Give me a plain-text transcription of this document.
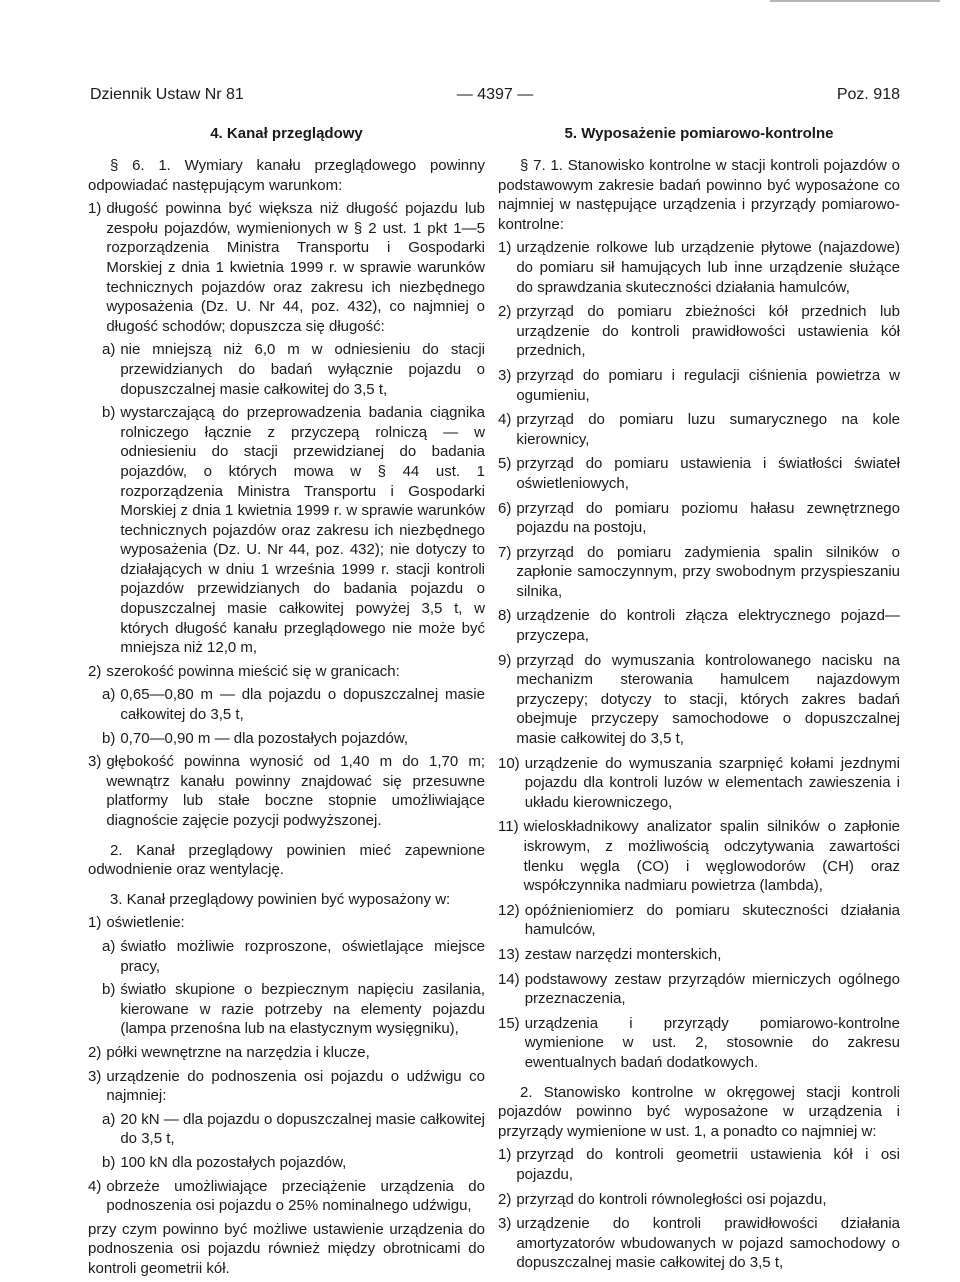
Dziennik Ustaw Nr 81	— 4397 —	Poz. 918
4. Kanał przeglądowy

§ 6. 1. Wymiary kanału przeglądowego powinny odpowiadać następującym warunkom:

1) długość powinna być większa niż długość pojazdu lub zespołu pojazdów, wymienionych w § 2 ust. 1 pkt 1—5 rozporządzenia Ministra Transportu i Gospodarki Morskiej z dnia 1 kwietnia 1999 r. w sprawie warunków technicznych pojazdów oraz zakresu ich niezbędnego wyposażenia (Dz. U. Nr 44, poz. 432), co najmniej o długość schodów; dopuszcza się długość:
a) nie mniejszą niż 6,0 m w odniesieniu do stacji przewidzianych do badań wyłącznie pojazdu o dopuszczalnej masie całkowitej do 3,5 t,
b) wystarczającą do przeprowadzenia badania ciągnika rolniczego łącznie z przyczepą rolniczą — w odniesieniu do stacji przewidzianej do badania pojazdów, o których mowa w § 44 ust. 1 rozporządzenia Ministra Transportu i Gospodarki Morskiej z dnia 1 kwietnia 1999 r. w sprawie warunków technicznych pojazdów oraz zakresu ich niezbędnego wyposażenia (Dz. U. Nr 44, poz. 432); nie dotyczy to działających w dniu 1 września 1999 r. stacji kontroli pojazdów przewidzianych do badania pojazdu o dopuszczalnej masie całkowitej powyżej 3,5 t, w których długość kanału przeglądowego nie może być mniejsza niż 12,0 m,
2) szerokość powinna mieścić się w granicach:
a) 0,65—0,80 m — dla pojazdu o dopuszczalnej masie całkowitej do 3,5 t,
b) 0,70—0,90 m — dla pozostałych pojazdów,
3) głębokość powinna wynosić od 1,40 m do 1,70 m; wewnątrz kanału powinny znajdować się przesuwne platformy lub stałe boczne stopnie umożliwiające diagnoście zajęcie pozycji podwyższonej.

2. Kanał przeglądowy powinien mieć zapewnione odwodnienie oraz wentylację.

3. Kanał przeglądowy powinien być wyposażony w:

1) oświetlenie:
a) światło możliwie rozproszone, oświetlające miejsce pracy,
b) światło skupione o bezpiecznym napięciu zasilania, kierowane w razie potrzeby na elementy pojazdu (lampa przenośna lub na elastycznym wysięgniku),
2) półki wewnętrzne na narzędzia i klucze,
3) urządzenie do podnoszenia osi pojazdu o udźwigu co najmniej:
a) 20 kN — dla pojazdu o dopuszczalnej masie całkowitej do 3,5 t,
b) 100 kN dla pozostałych pojazdów,
4) obrzeże umożliwiające przeciążenie urządzenia do podnoszenia osi pojazdu o 25% nominalnego udźwigu,

przy czym powinno być możliwe ustawienie urządzenia do podnoszenia osi pojazdu również między obrotnicami do kontroli geometrii kół.

5. Wyposażenie pomiarowo-kontrolne

§ 7. 1. Stanowisko kontrolne w stacji kontroli pojazdów o podstawowym zakresie badań powinno być wyposażone co najmniej w następujące urządzenia i przyrządy pomiarowo-kontrolne:

1) urządzenie rolkowe lub urządzenie płytowe (najazdowe) do pomiaru sił hamujących lub inne urządzenie służące do sprawdzania skuteczności działania hamulców,
2) przyrząd do pomiaru zbieżności kół przednich lub urządzenie do kontroli prawidłowości ustawienia kół przednich,
3) przyrząd do pomiaru i regulacji ciśnienia powietrza w ogumieniu,
4) przyrząd do pomiaru luzu sumarycznego na kole kierownicy,
5) przyrząd do pomiaru ustawienia i światłości świateł oświetleniowych,
6) przyrząd do pomiaru poziomu hałasu zewnętrznego pojazdu na postoju,
7) przyrząd do pomiaru zadymienia spalin silników o zapłonie samoczynnym, przy swobodnym przyspieszaniu silnika,
8) urządzenie do kontroli złącza elektrycznego pojazd—przyczepa,
9) przyrząd do wymuszania kontrolowanego nacisku na mechanizm sterowania hamulcem najazdowym przyczepy; dotyczy to stacji, których zakres badań obejmuje przyczepy samochodowe o dopuszczalnej masie całkowitej do 3,5 t,
10) urządzenie do wymuszania szarpnięć kołami jezdnymi pojazdu dla kontroli luzów w elementach zawieszenia i układu kierowniczego,
11) wieloskładnikowy analizator spalin silników o zapłonie iskrowym, z możliwością odczytywania zawartości tlenku węgla (CO) i węglowodorów (CH) oraz współczynnika nadmiaru powietrza (lambda),
12) opóźnieniomierz do pomiaru skuteczności działania hamulców,
13) zestaw narzędzi monterskich,
14) podstawowy zestaw przyrządów mierniczych ogólnego przeznaczenia,
15) urządzenia i przyrządy pomiarowo-kontrolne wymienione w ust. 2, stosownie do zakresu ewentualnych badań dodatkowych.

2. Stanowisko kontrolne w okręgowej stacji kontroli pojazdów powinno być wyposażone w urządzenia i przyrządy wymienione w ust. 1, a ponadto co najmniej w:

1) przyrząd do kontroli geometrii ustawienia kół i osi pojazdu,
2) przyrząd do kontroli równoległości osi pojazdu,
3) urządzenie do kontroli prawidłowości działania amortyzatorów wbudowanych w pojazd samochodowy o dopuszczalnej masie całkowitej do 3,5 t,
